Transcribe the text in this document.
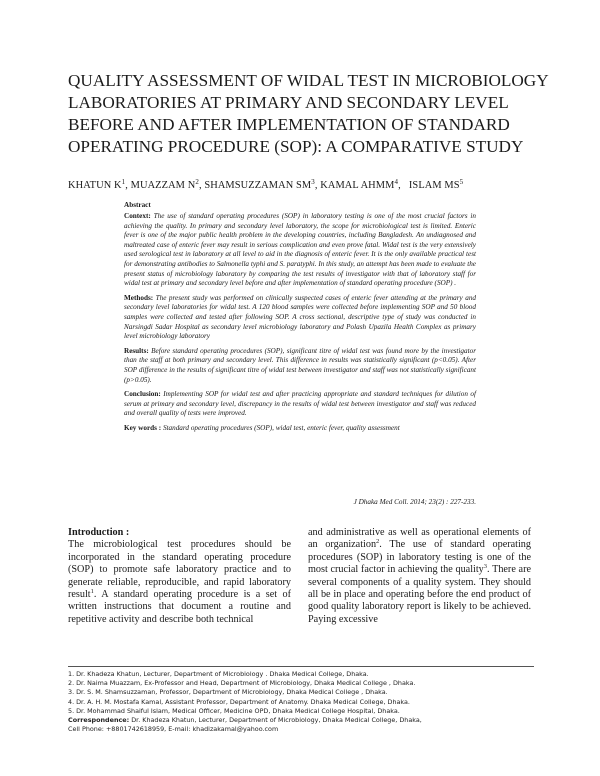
QUALITY ASSESSMENT OF WIDAL TEST IN MICROBIOLOGY LABORATORIES AT PRIMARY AND SECONDARY LEVEL BEFORE AND AFTER IMPLEMENTATION OF STANDARD OPERATING PROCEDURE (SOP): A COMPARATIVE STUDY
KHATUN $K^1$, MUAZZAM $N^2$, SHAMSUZZAMAN $SM^3$, KAMAL AHMM$^4$,   ISLAM $MS^5$
Abstract

Context: The use of standard operating procedures (SOP) in laboratory testing is one of the most crucial factors in achieving the quality. In primary and secondary level laboratory, the scope for microbiological test is limited. Enteric fever is one of the major public health problem in the developing countries, including Bangladesh. An undiagnosed and maltreated case of enteric fever may result in serious complication and even prove fatal. Widal test is the very extensively used serological test in laboratory at all level to aid in the diagnosis of enteric fever. It is the only available practical test for demonstrating antibodies to Salmonella typhi and S. paratyphi. In this study, an attempt has been made to evaluate the present status of microbiology laboratory by comparing the test results of investigator with that of laboratory staff for widal test at primary and secondary level before and after implementation of standard operating procedure (SOP) .

Methods: The present study was performed on clinically suspected cases of enteric fever attending at the primary and secondary level laboratories for widal test. A 120 blood samples were collected before implementing SOP and 50 blood samples were collected and tested after following SOP. A cross sectional, descriptive type of study was conducted in Narsingdi Sadar Hospital as secondary level microbiology laboratory and Polash Upazila Health Complex as primary level microbiology laboratory

Results: Before standard operating procedures (SOP), significant titre of widal test was found more by the investigator than the staff at both primary and secondary level. This difference in results was statistically significant (p<0.05). After SOP difference in the results of significant titre of widal test between investigator and staff was not statistically significant (p>0.05).

Conclusion: Implementing SOP for widal test and after practicing appropriate and standard techniques for dilution of serum at primary and secondary level, discrepancy in the results of widal test between investigator and staff was reduced and overall quality of tests were improved.

Key words : Standard operating procedures (SOP), widal test, enteric fever, quality assessment

J Dhaka Med Coll. 2014; 23(2) : 227-233.

Introduction :
The microbiological test procedures should be incorporated in the standard operating procedure (SOP) to promote safe laboratory practice and to generate reliable, reproducible, and rapid laboratory result$^1$. A standard operating procedure is a set of written instructions that document a routine and repetitive activity and describe both technical

and administrative as well as operational elements of an organization$^2$. The use of standard operating procedures (SOP) in laboratory testing is one of the most crucial factor in achieving the quality$^3$. There are several components of a quality system. They should all be in place and operating before the end product of good quality laboratory report is likely to be achieved. Paying excessive

1. Dr. Khadeza Khatun, Lecturer, Department of Microbiology . Dhaka Medical College, Dhaka.
2. Dr. Naima Muazzam, Ex-Professor and Head, Department of Microbiology, Dhaka Medical College , Dhaka.
3. Dr. S. M. Shamsuzzaman, Professor, Department of Microbiology, Dhaka Medical College , Dhaka.
4. Dr. A. H. M. Mostafa Kamal, Assistant Professor, Department of Anatomy. Dhaka Medical College, Dhaka.
5. Dr. Mohammad Shaiful Islam, Medical Officer, Medicine OPD, Dhaka Medical College Hospital, Dhaka.
Correspondence: Dr. Khadeza Khatun, Lecturer, Department of Microbiology, Dhaka Medical College, Dhaka,
Cell Phone: +8801742618959, E-mail: khadizakamal@yahoo.com
